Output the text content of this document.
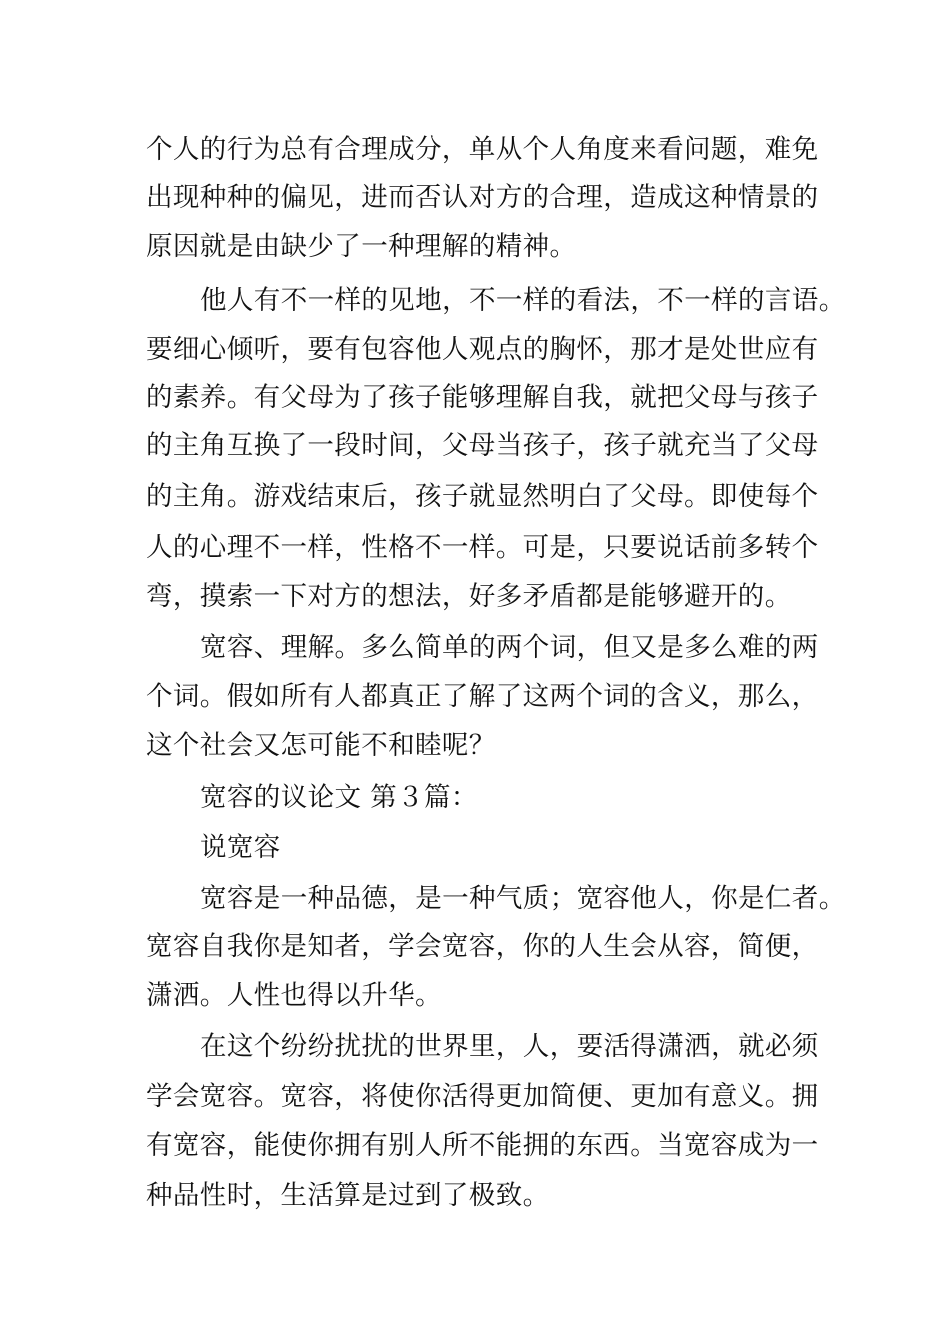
个人的行为总有合理成分，单从个人角度来看问题，难免
出现种种的偏见，进而否认对方的合理，造成这种情景的
原因就是由缺少了一种理解的精神。
他人有不一样的见地，不一样的看法，不一样的言语。
要细心倾听，要有包容他人观点的胸怀，那才是处世应有
的素养。有父母为了孩子能够理解自我，就把父母与孩子
的主角互换了一段时间，父母当孩子，孩子就充当了父母
的主角。游戏结束后，孩子就显然明白了父母。即使每个
人的心理不一样，性格不一样。可是，只要说话前多转个
弯，摸索一下对方的想法，好多矛盾都是能够避开的。
宽容、理解。多么简单的两个词，但又是多么难的两
个词。假如所有人都真正了解了这两个词的含义，那么，
这个社会又怎可能不和睦呢？
宽容的议论文 第３篇：
说宽容
宽容是一种品德，是一种气质；宽容他人，你是仁者。
宽容自我你是知者，学会宽容，你的人生会从容，简便，
潇洒。人性也得以升华。
在这个纷纷扰扰的世界里，人，要活得潇洒，就必须
学会宽容。宽容，将使你活得更加简便、更加有意义。拥
有宽容，能使你拥有别人所不能拥的东西。当宽容成为一
种品性时，生活算是过到了极致。
